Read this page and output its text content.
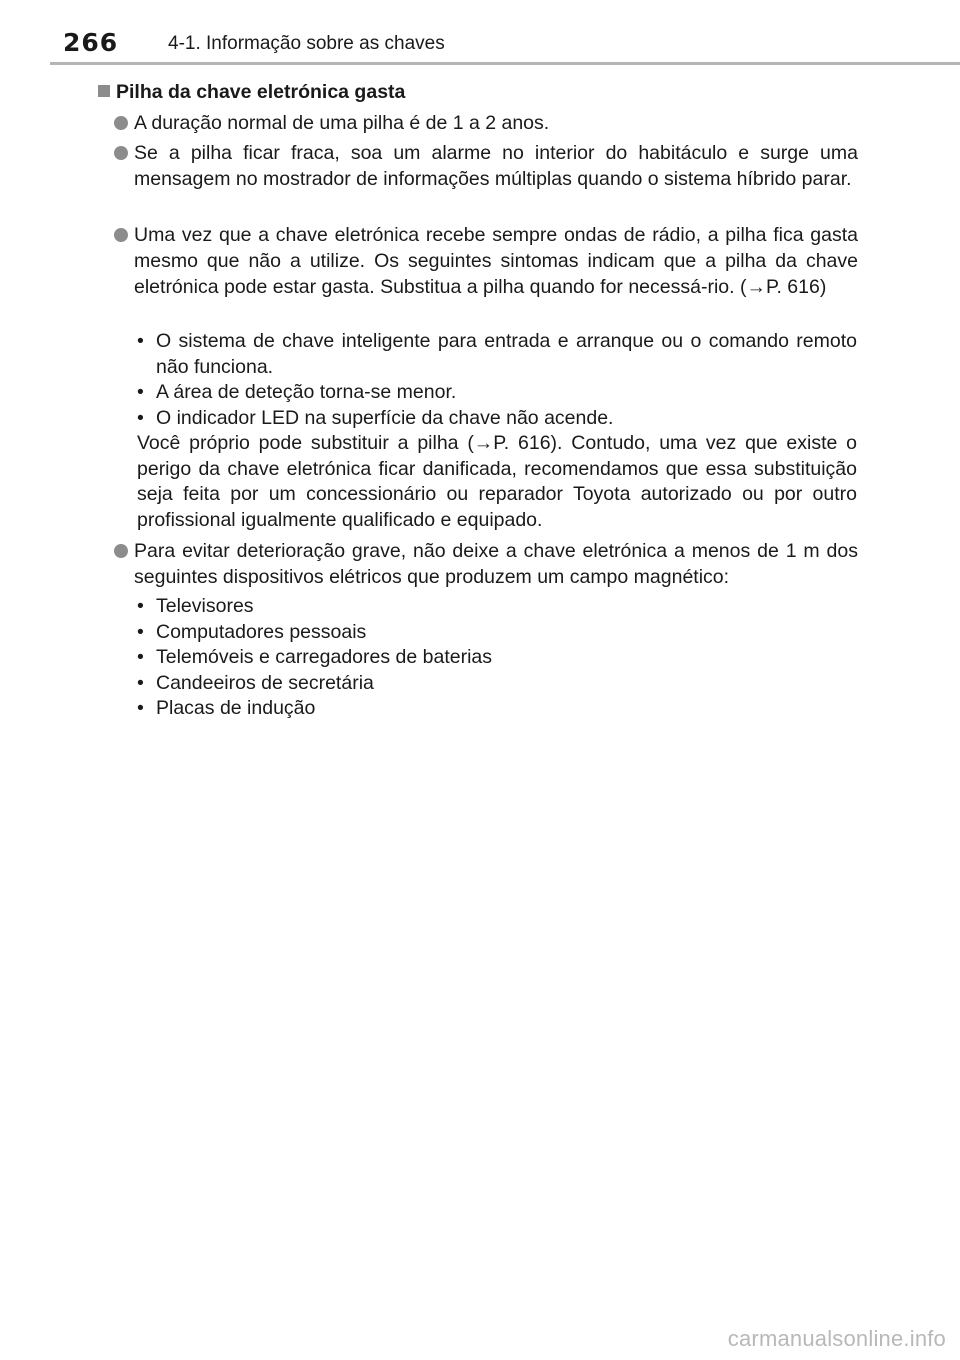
266	4-1. Informação sobre as chaves
Pilha da chave eletrónica gasta
A duração normal de uma pilha é de 1 a 2 anos.
Se a pilha ficar fraca, soa um alarme no interior do habitáculo e surge uma mensagem no mostrador de informações múltiplas quando o sistema híbrido parar.
Uma vez que a chave eletrónica recebe sempre ondas de rádio, a pilha fica gasta mesmo que não a utilize. Os seguintes sintomas indicam que a pilha da chave eletrónica pode estar gasta. Substitua a pilha quando for necessá-rio. (→P. 616)
• O sistema de chave inteligente para entrada e arranque ou o comando remoto não funciona.
• A área de deteção torna-se menor.
• O indicador LED na superfície da chave não acende.
Você próprio pode substituir a pilha (→P. 616). Contudo, uma vez que existe o perigo da chave eletrónica ficar danificada, recomendamos que essa substituição seja feita por um concessionário ou reparador Toyota autorizado ou por outro profissional igualmente qualificado e equipado.
Para evitar deterioração grave, não deixe a chave eletrónica a menos de 1 m dos seguintes dispositivos elétricos que produzem um campo magnético:
• Televisores
• Computadores pessoais
• Telemóveis e carregadores de baterias
• Candeeiros de secretária
• Placas de indução
carmanualsonline.info
